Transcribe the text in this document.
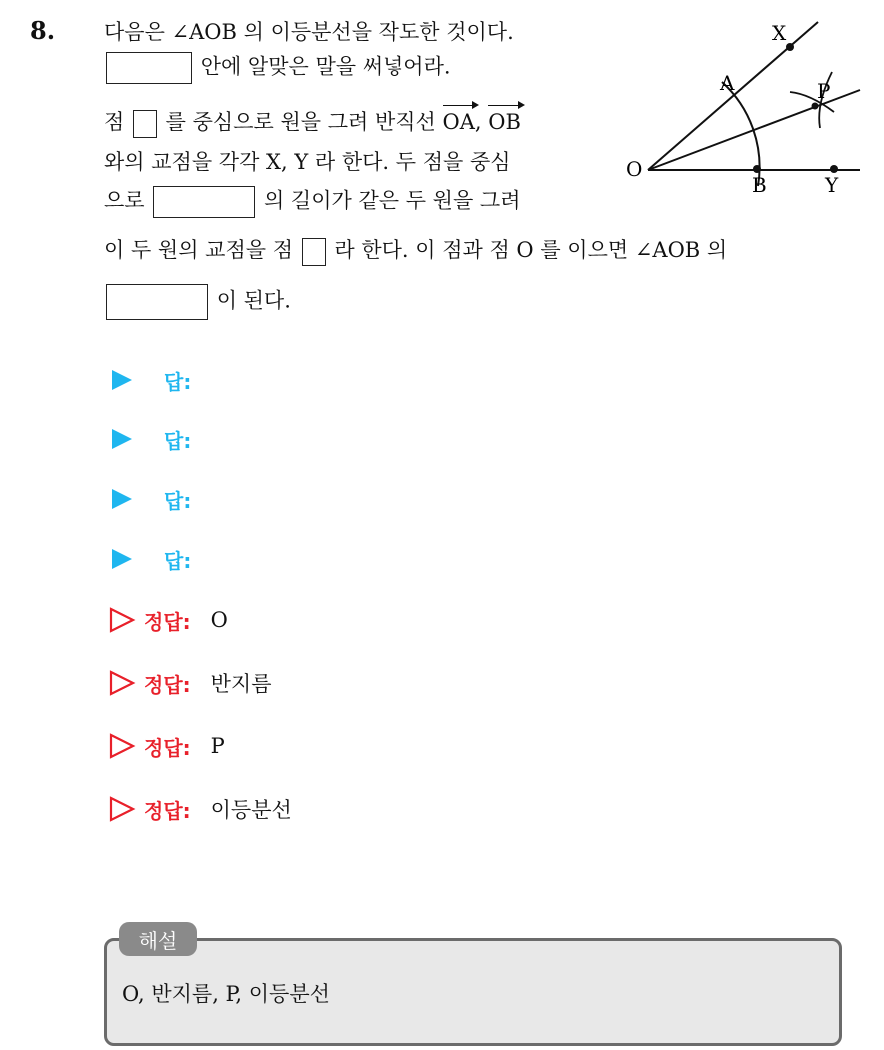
8. 다음은 ∠AOB 의 이등분선을 작도한 것이다.
안에 알맞은 말을 써넣어라.
점 를 중심으로 원을 그려 반직선 OA, OB
와의 교점을 각각 X, Y 라 한다. 두 점을 중심
으로	의 길이가 같은 두 원을 그려
이 두 원의 교점을 점 라 한다. 이 점과 점 O 를 이으면 ∠AOB 의
이 된다.
X
A	P
O
B	Y
답:
답:
답:
답:
정답: O
정답: 반지름
정답: P
정답: 이등분선
해설
O, 반지름, P, 이등분선
